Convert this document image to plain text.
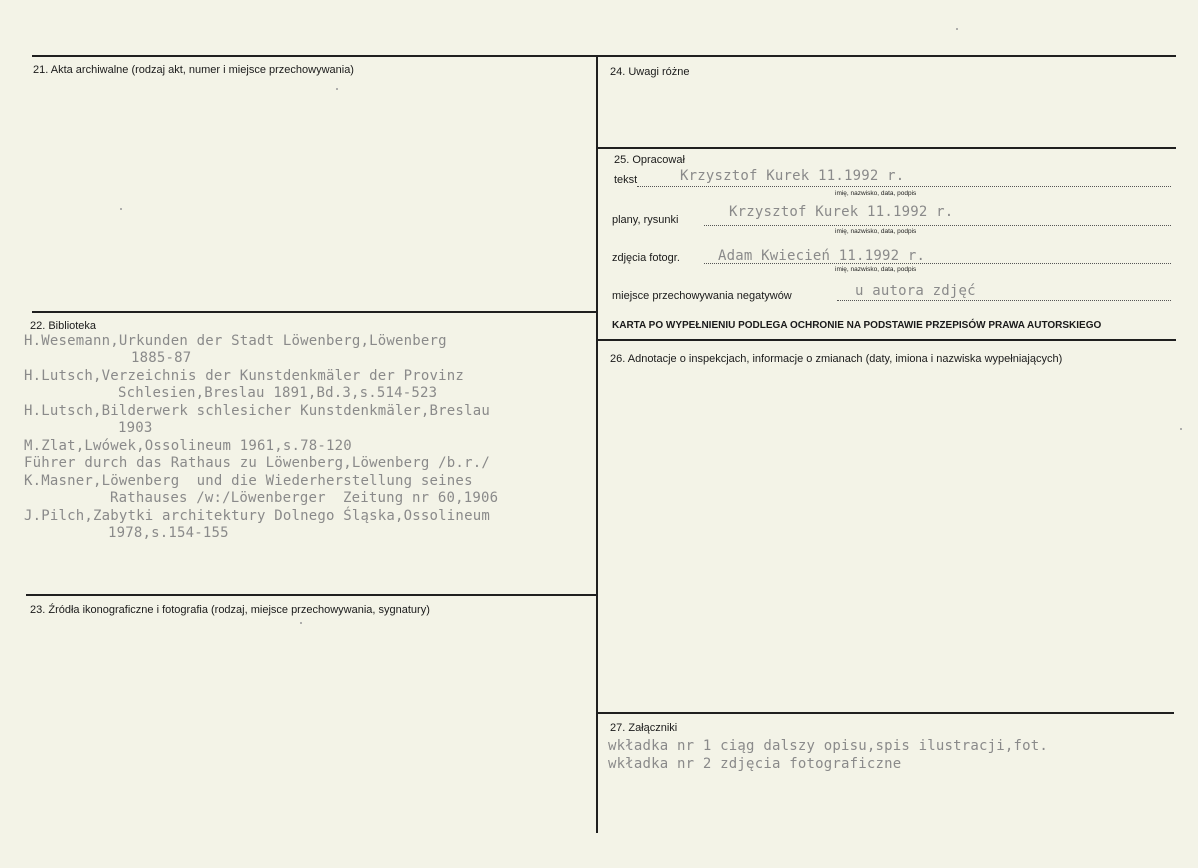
21. Akta archiwalne (rodzaj akt, numer i miejsce przechowywania)
22. Biblioteka
H.Wesemann,Urkunden der Stadt Löwenberg,Löwenberg
1885-87
H.Lutsch,Verzeichnis der Kunstdenkmäler der Provinz
Schlesien,Breslau 1891,Bd.3,s.514-523
H.Lutsch,Bilderwerk schlesicher Kunstdenkmäler,Breslau
1903
M.Zlat,Lwówek,Ossolineum 1961,s.78-120
Führer durch das Rathaus zu Löwenberg,Löwenberg /b.r./
K.Masner,Löwenberg  und die Wiederherstellung seines
Rathauses /w:/Löwenberger  Zeitung nr 60,1906
J.Pilch,Zabytki architektury Dolnego Śląska,Ossolineum
1978,s.154-155
23. Źródła ikonograficzne i fotografia (rodzaj, miejsce przechowywania, sygnatury)
24. Uwagi różne
25. Opracował
tekst	Krzysztof Kurek 11.1992 r.
imię, nazwisko, data, podpis
plany, rysunki	Krzysztof Kurek 11.1992 r.
imię, nazwisko, data, podpis
zdjęcia fotogr.	Adam Kwiecień 11.1992 r.
imię, nazwisko, data, podpis
miejsce przechowywania negatywów	u autora zdjęć
KARTA PO WYPEŁNIENIU PODLEGA OCHRONIE NA PODSTAWIE PRZEPISÓW PRAWA AUTORSKIEGO
26. Adnotacje o inspekcjach, informacje o zmianach (daty, imiona i nazwiska wypełniających)
27. Załączniki
wkładka nr 1 ciąg dalszy opisu,spis ilustracji,fot.
wkładka nr 2 zdjęcia fotograficzne
